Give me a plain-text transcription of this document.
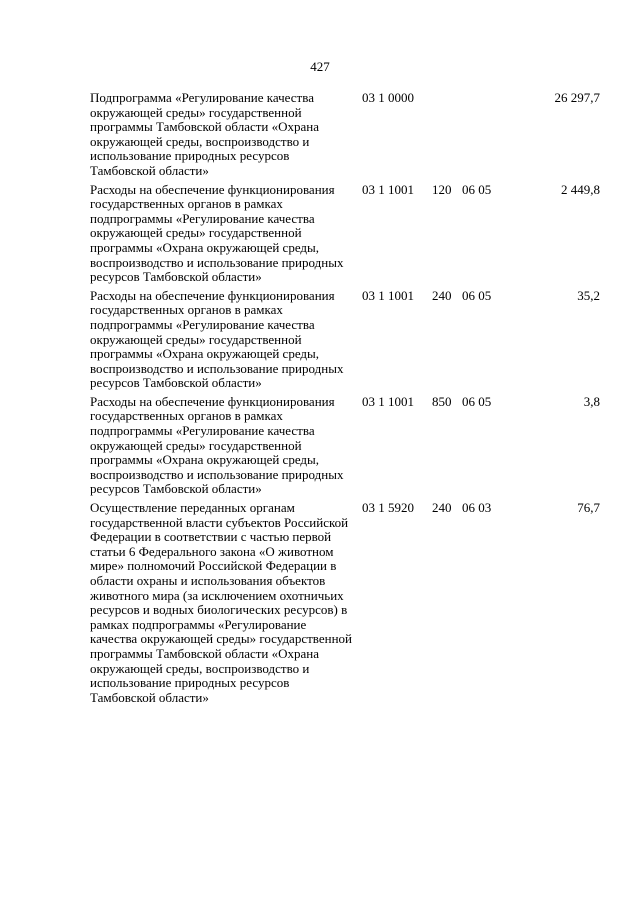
427
Подпрограмма «Регулирование качества окружающей среды» государственной программы Тамбовской области «Охрана окружающей среды, воспроизводство и использование природных ресурсов Тамбовской области»	03 1 0000			26 297,7

Расходы на обеспечение функционирования государственных органов в рамках подпрограммы «Регулирование качества окружающей среды» государственной программы «Охрана окружающей среды, воспроизводство и использование природных ресурсов Тамбовской области»	03 1 1001	120	06 05	2 449,8

Расходы на обеспечение функционирования государственных органов в рамках подпрограммы «Регулирование качества окружающей среды» государственной программы «Охрана окружающей среды, воспроизводство и использование природных ресурсов Тамбовской области»	03 1 1001	240	06 05	35,2

Расходы на обеспечение функционирования государственных органов в рамках подпрограммы «Регулирование качества окружающей среды» государственной программы «Охрана окружающей среды, воспроизводство и использование природных ресурсов Тамбовской области»	03 1 1001	850	06 05	3,8

Осуществление переданных органам государственной власти субъектов Российской Федерации в соответствии с частью первой статьи 6 Федерального закона «О животном мире» полномочий Российской Федерации в области охраны и использования объектов животного мира (за исключением охотничьих ресурсов и водных биологических ресурсов) в рамках подпрограммы «Регулирование качества окружающей среды» государственной программы Тамбовской области «Охрана окружающей среды, воспроизводство и использование природных ресурсов Тамбовской области»	03 1 5920	240	06 03	76,7
